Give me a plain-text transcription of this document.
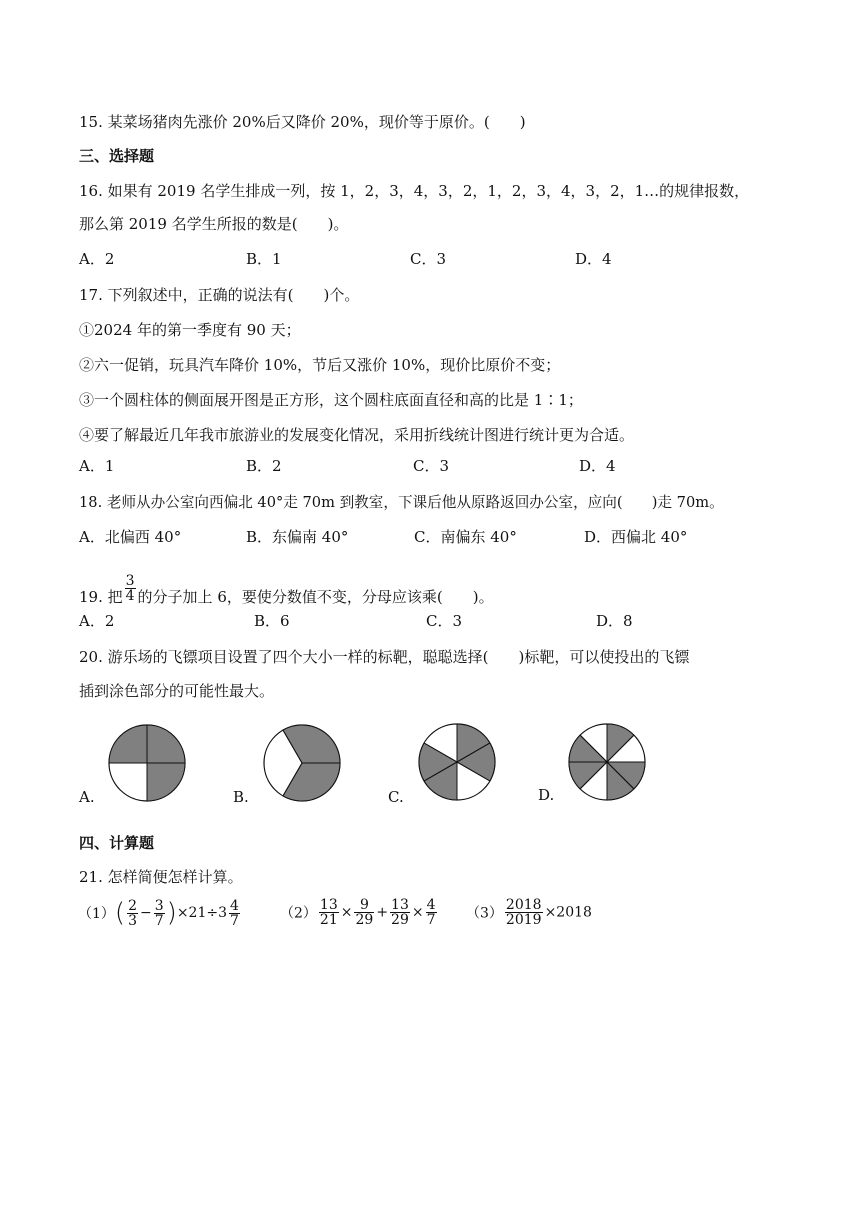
15. 某菜场猪肉先涨价 20%后又降价 20%，现价等于原价。(　　)
三、选择题
16. 如果有 2019 名学生排成一列，按 1，2，3，4，3，2，1，2，3，4，3，2，1…的规律报数，
那么第 2019 名学生所报的数是(　　)。
A．2	B．1	C．3	D．4
17. 下列叙述中，正确的说法有(　　)个。
①2024 年的第一季度有 90 天；
②六一促销，玩具汽车降价 10%，节后又涨价 10%，现价比原价不变；
③一个圆柱体的侧面展开图是正方形，这个圆柱底面直径和高的比是 1∶1；
④要了解最近几年我市旅游业的发展变化情况，采用折线统计图进行统计更为合适。
A．1	B．2	C．3	D．4
18. 老师从办公室向西偏北 40°走 70m 到教室，下课后他从原路返回办公室，应向(　　)走 70m。
A．北偏西 40°	B．东偏南 40°	C．南偏东 40°	D．西偏北 40°
19. 把 $\frac{3}{4}$ 的分子加上 6，要使分数值不变，分母应该乘(　　)。
A．2	B．6	C．3	D．8
20. 游乐场的飞镖项目设置了四个大小一样的标靶，聪聪选择(　　)标靶，可以使投出的飞镖
插到涂色部分的可能性最大。
A.	B.	C.	D.
四、计算题
21. 怎样简便怎样计算。
$(1)( \frac{2}{3} - \frac{3}{7} )\times 21\div 3 \frac{4}{7}$	$(2) \frac{13}{21} \times \frac{9}{29} + \frac{13}{29} \times \frac{4}{7} (3) \frac{2018}{2019} \times 2018$
